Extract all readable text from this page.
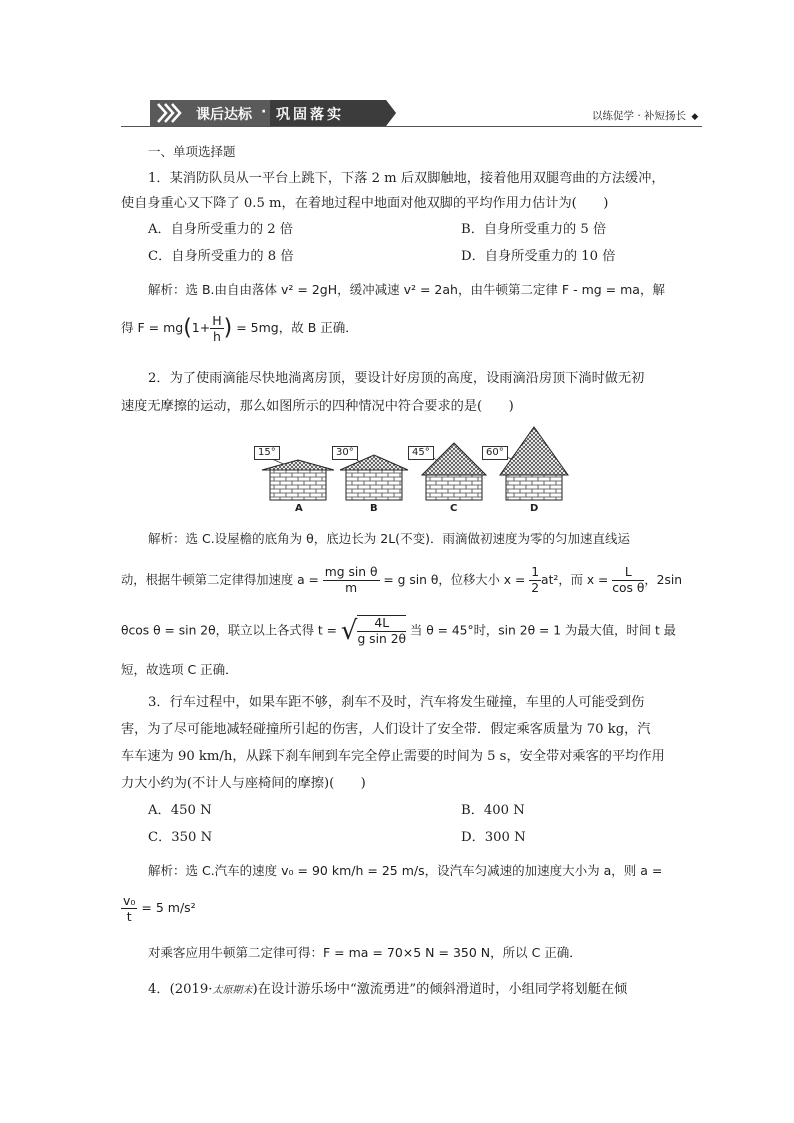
课后达标 · 巩固落实	以练促学 · 补短扬长 ◆
一、单项选择题
1．某消防队员从一平台上跳下，下落 2 m 后双脚触地，接着他用双腿弯曲的方法缓冲，
使自身重心又下降了 0.5 m，在着地过程中地面对他双脚的平均作用力估计为(　　)
A．自身所受重力的 2 倍	B．自身所受重力的 5 倍
C．自身所受重力的 8 倍	D．自身所受重力的 10 倍
解析：选 B.由自由落体 v² = 2gH，缓冲减速 v² = 2ah，由牛顿第二定律 F - mg = ma，解
得 $F = mg(1+ \frac{H}{h}$ ) = 5mg，故 B 正确．
2．为了使雨滴能尽快地淌离房顶，要设计好房顶的高度，设雨滴沿房顶下淌时做无初
速度无摩擦的运动，那么如图所示的四种情况中符合要求的是(　　)
15°	30°	45°	60°
A	B	C	D
解析：选 C.设屋檐的底角为 θ，底边长为 2L(不变)．雨滴做初速度为零的匀加速直线运
动，根据牛顿第二定律得加速度 $a = \frac{\text{mg sin θ}}{m} = g$ sin θ，位移大小 $x = \frac{1}{2} at^2$，而 $x = \frac{L}{\text{cos θ}}$ ，2sin
θcos θ = sin 2θ，联立以上各式得 t = √ $\frac{4L}{\text{g sin 2θ}}$ 当 θ = 45°时，sin 2θ = 1 为最大值，时间 t 最
短，故选项 C 正确．
3．行车过程中，如果车距不够，刹车不及时，汽车将发生碰撞，车里的人可能受到伤
害，为了尽可能地减轻碰撞所引起的伤害，人们设计了安全带．假定乘客质量为 70 kg，汽
车车速为 90 km/h，从踩下刹车闸到车完全停止需要的时间为 5 s，安全带对乘客的平均作用
力大小约为(不计人与座椅间的摩擦)(　　)
A．450 N	B．400 N
C．350 N	D．300 N
解析：选 C.汽车的速度 v₀ = 90 km/h = 25 m/s，设汽车匀减速的加速度大小为 a，则 a =
$\frac{\text{v₀}}{t} = 5$ m/s²
对乘客应用牛顿第二定律可得：F = ma = 70×5 N = 350 N，所以 C 正确．
4．(2019·太原期末)在设计游乐场中“激流勇进”的倾斜滑道时，小组同学将划艇在倾
